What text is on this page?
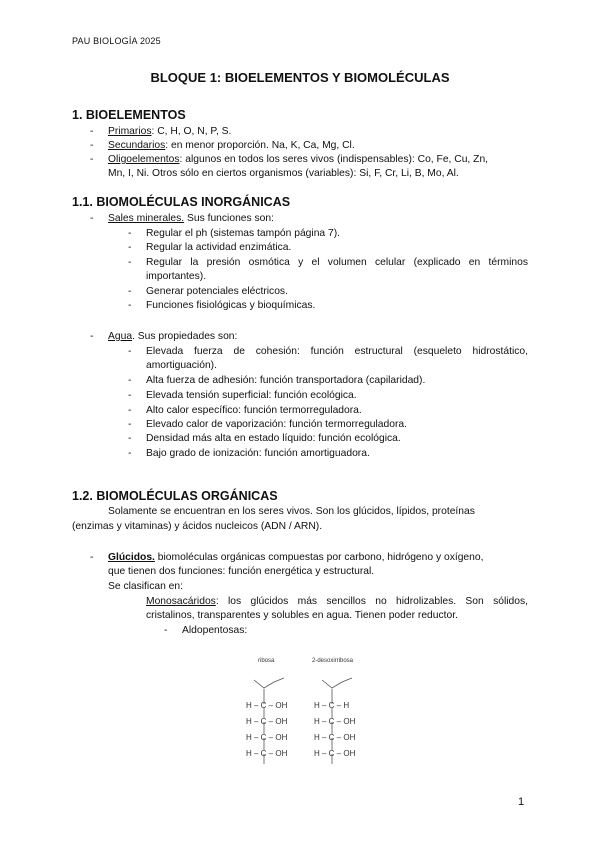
PAU BIOLOGÍA 2025
BLOQUE 1: BIOELEMENTOS Y BIOMOLÉCULAS
1. BIOELEMENTOS
- Primarios: C, H, O, N, P, S.
- Secundarios: en menor proporción. Na, K, Ca, Mg, Cl.
- Oligoelementos: algunos en todos los seres vivos (indispensables): Co, Fe, Cu, Zn,
Mn, I, Ni. Otros sólo en ciertos organismos (variables): Si, F, Cr, Li, B, Mo, Al.
1.1. BIOMOLÉCULAS INORGÁNICAS
- Sales minerales. Sus funciones son:
- Regular el ph (sistemas tampón página 7).
- Regular la actividad enzimática.
- Regular la presión osmótica y el volumen celular (explicado en términos
importantes).
- Generar potenciales eléctricos.
- Funciones fisiológicas y bioquímicas.
- Agua. Sus propiedades son:
- Elevada fuerza de cohesión: función estructural (esqueleto hidrostático,
amortiguación).
- Alta fuerza de adhesión: función transportadora (capilaridad).
- Elevada tensión superficial: función ecológica.
- Alto calor específico: función termorreguladora.
- Elevado calor de vaporización: función termorreguladora.
- Densidad más alta en estado líquido: función ecológica.
- Bajo grado de ionización: función amortiguadora.
1.2. BIOMOLÉCULAS ORGÁNICAS
Solamente se encuentran en los seres vivos. Son los glúcidos, lípidos, proteínas
(enzimas y vitaminas) y ácidos nucleicos (ADN / ARN).
- Glúcidos. biomoléculas orgánicas compuestas por carbono, hidrógeno y oxígeno,
que tienen dos funciones: función energética y estructural.
Se clasifican en:
Monosacáridos: los glúcidos más sencillos no hidrolizables. Son sólidos,
cristalinos, transparentes y solubles en agua. Tienen poder reductor.
- Aldopentosas:
ribosa	2-desoxirribosa
H – C – OH
H – C – OH
H – C – OH
H – C – OH
H – C – H
H – C – OH
H – C – OH
H – C – OH
1
